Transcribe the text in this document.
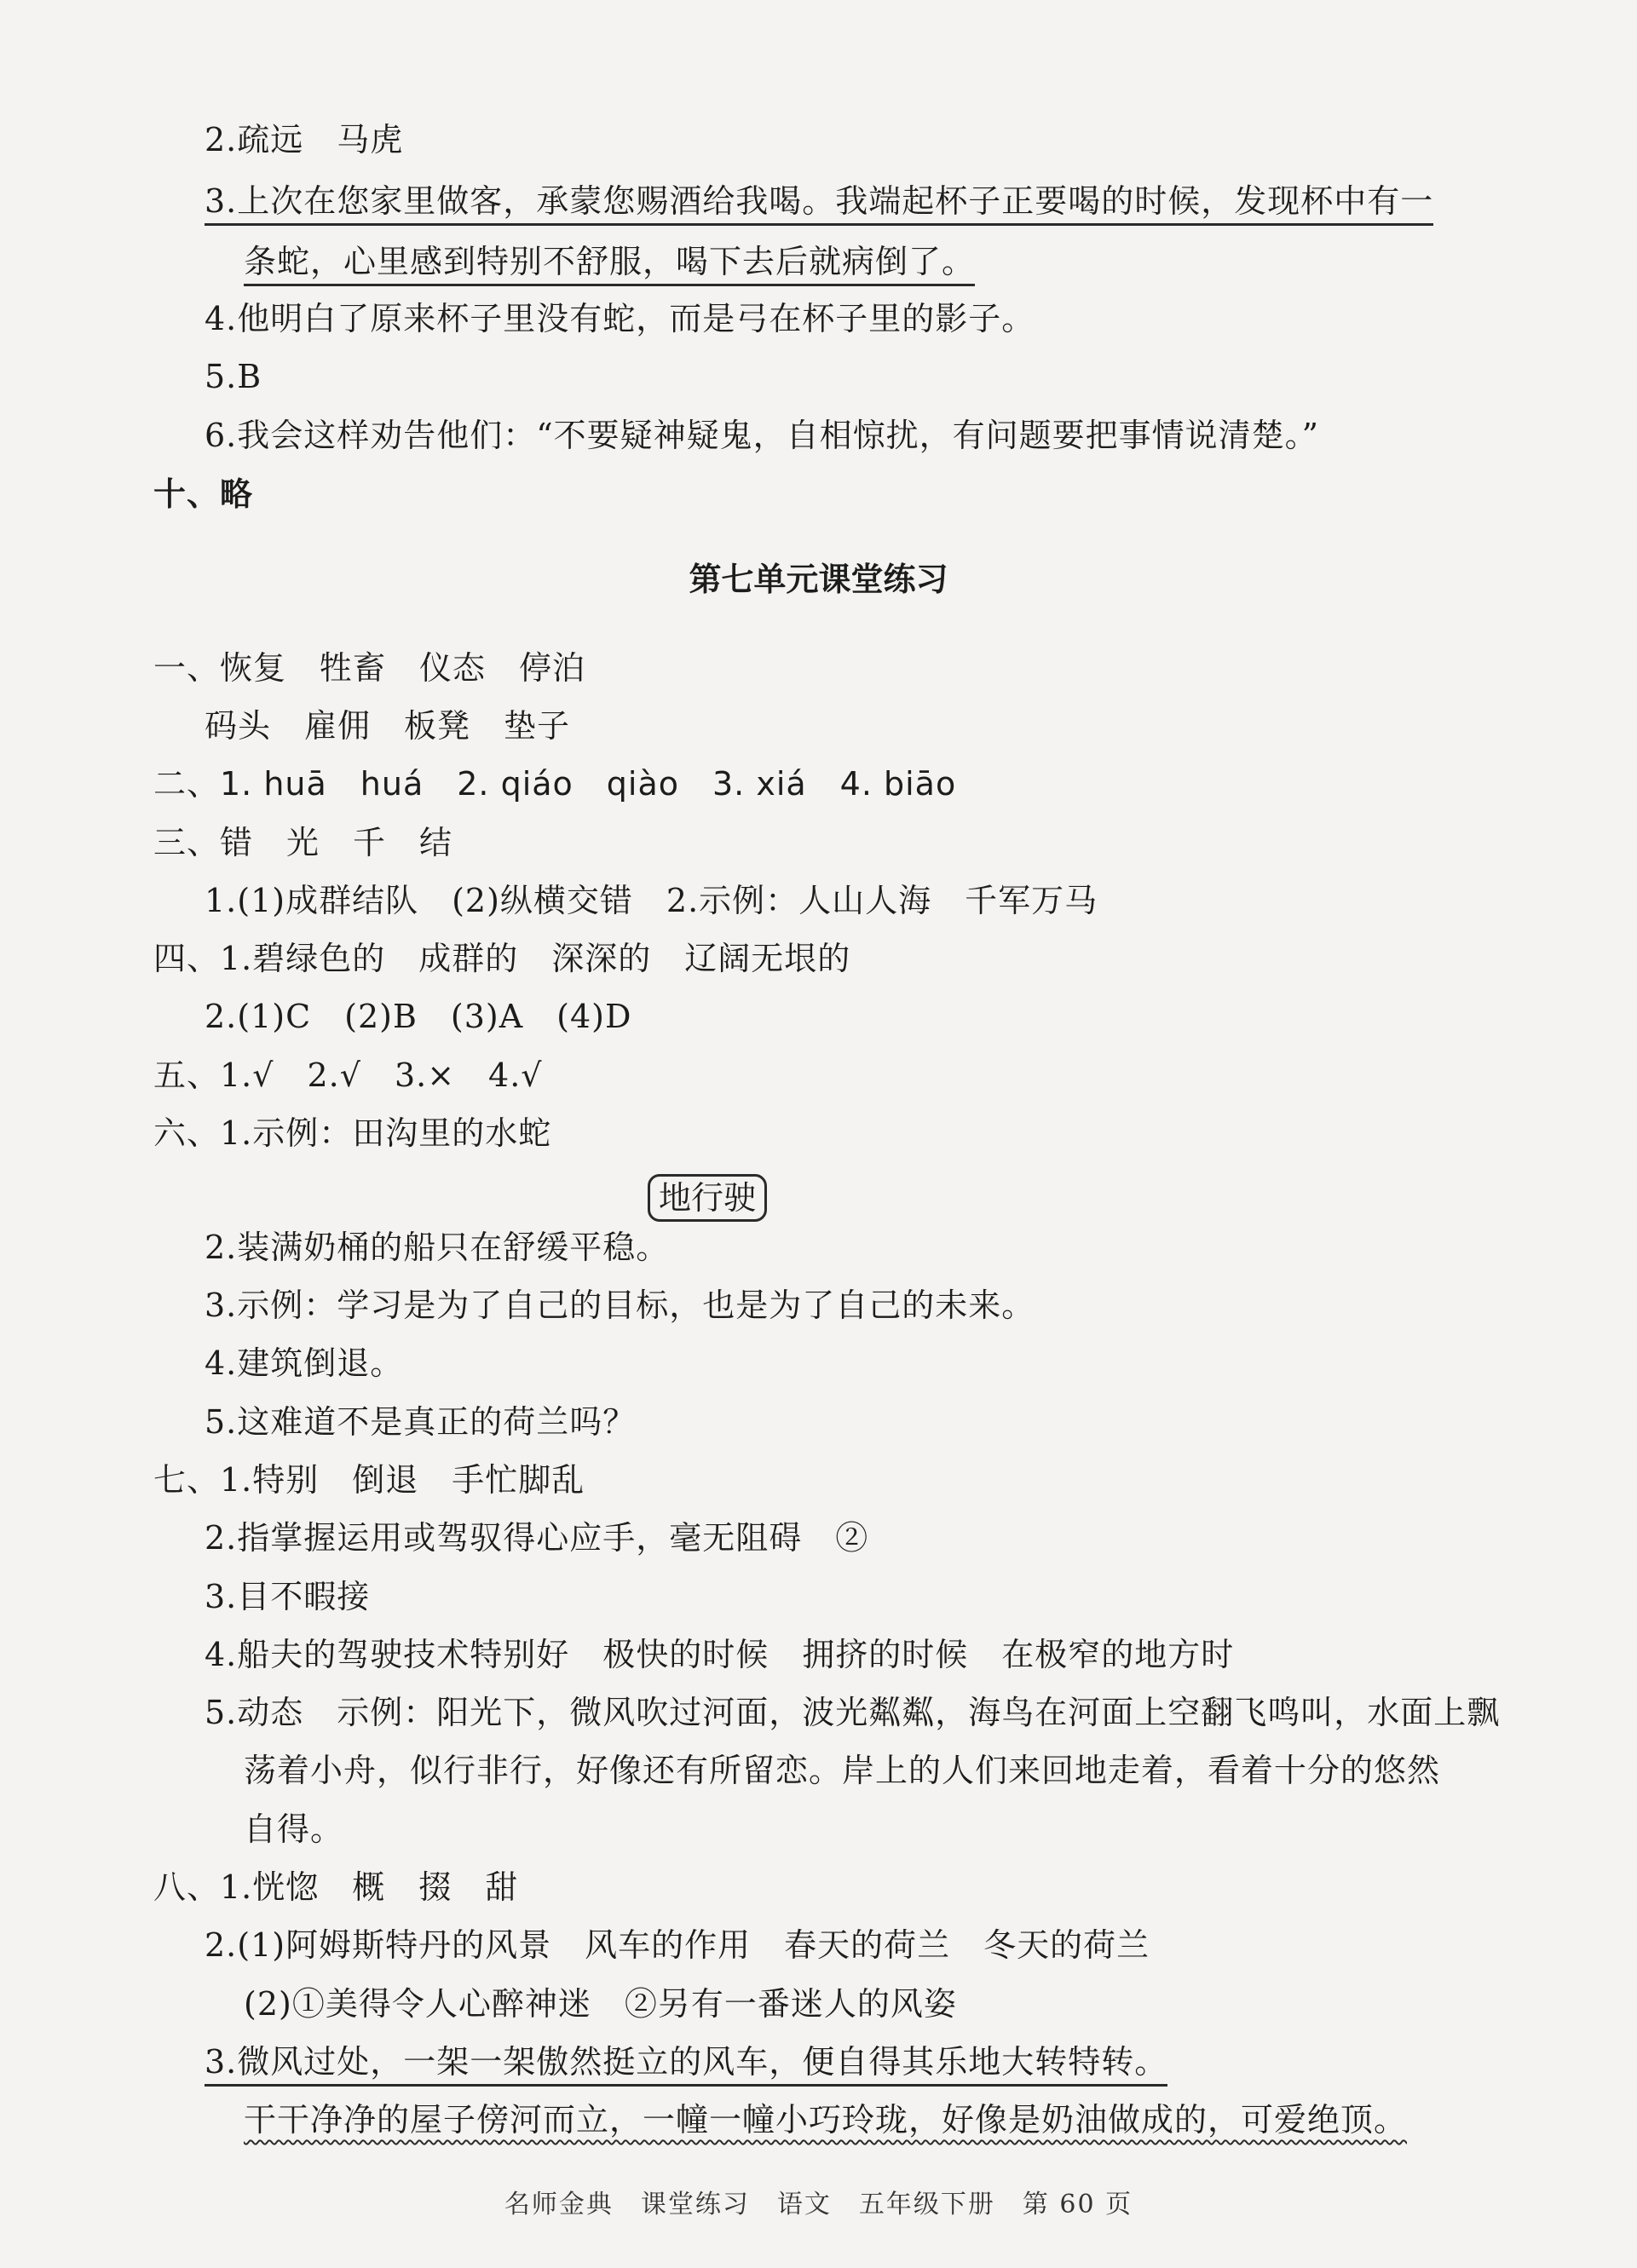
2.疏远　马虎
3.上次在您家里做客，承蒙您赐酒给我喝。我端起杯子正要喝的时候，发现杯中有一
条蛇，心里感到特别不舒服，喝下去后就病倒了。
4.他明白了原来杯子里没有蛇，而是弓在杯子里的影子。
5.B
6.我会这样劝告他们：“不要疑神疑鬼，自相惊扰，有问题要把事情说清楚。”
十、略
第七单元课堂练习
一、恢复　牲畜　仪态　停泊
码头　雇佣　板凳　垫子
二、1. huā　huá　2. qiáo　qiào　3. xiá　4. biāo
三、错　光　千　结
1.(1)成群结队　(2)纵横交错　2.示例：人山人海　千军万马
四、1.碧绿色的　成群的　深深的　辽阔无垠的
2.(1)C　(2)B　(3)A　(4)D
五、1.√　2.√　3.×　4.√
六、1.示例：田沟里的水蛇
地行驶
2.装满奶桶的船只在舒缓平稳。
3.示例：学习是为了自己的目标，也是为了自己的未来。
4.建筑倒退。
5.这难道不是真正的荷兰吗？
七、1.特别　倒退　手忙脚乱
2.指掌握运用或驾驭得心应手，毫无阻碍　②
3.目不暇接
4.船夫的驾驶技术特别好　极快的时候　拥挤的时候　在极窄的地方时
5.动态　示例：阳光下，微风吹过河面，波光粼粼，海鸟在河面上空翻飞鸣叫，水面上飘
荡着小舟，似行非行，好像还有所留恋。岸上的人们来回地走着，看着十分的悠然
自得。
八、1.恍惚　概　掇　甜
2.(1)阿姆斯特丹的风景　风车的作用　春天的荷兰　冬天的荷兰
(2)①美得令人心醉神迷　②另有一番迷人的风姿
3.微风过处，一架一架傲然挺立的风车，便自得其乐地大转特转。
干干净净的屋子傍河而立，一幢一幢小巧玲珑，好像是奶油做成的，可爱绝顶。
名师金典　课堂练习　语文　五年级下册　第 60 页
